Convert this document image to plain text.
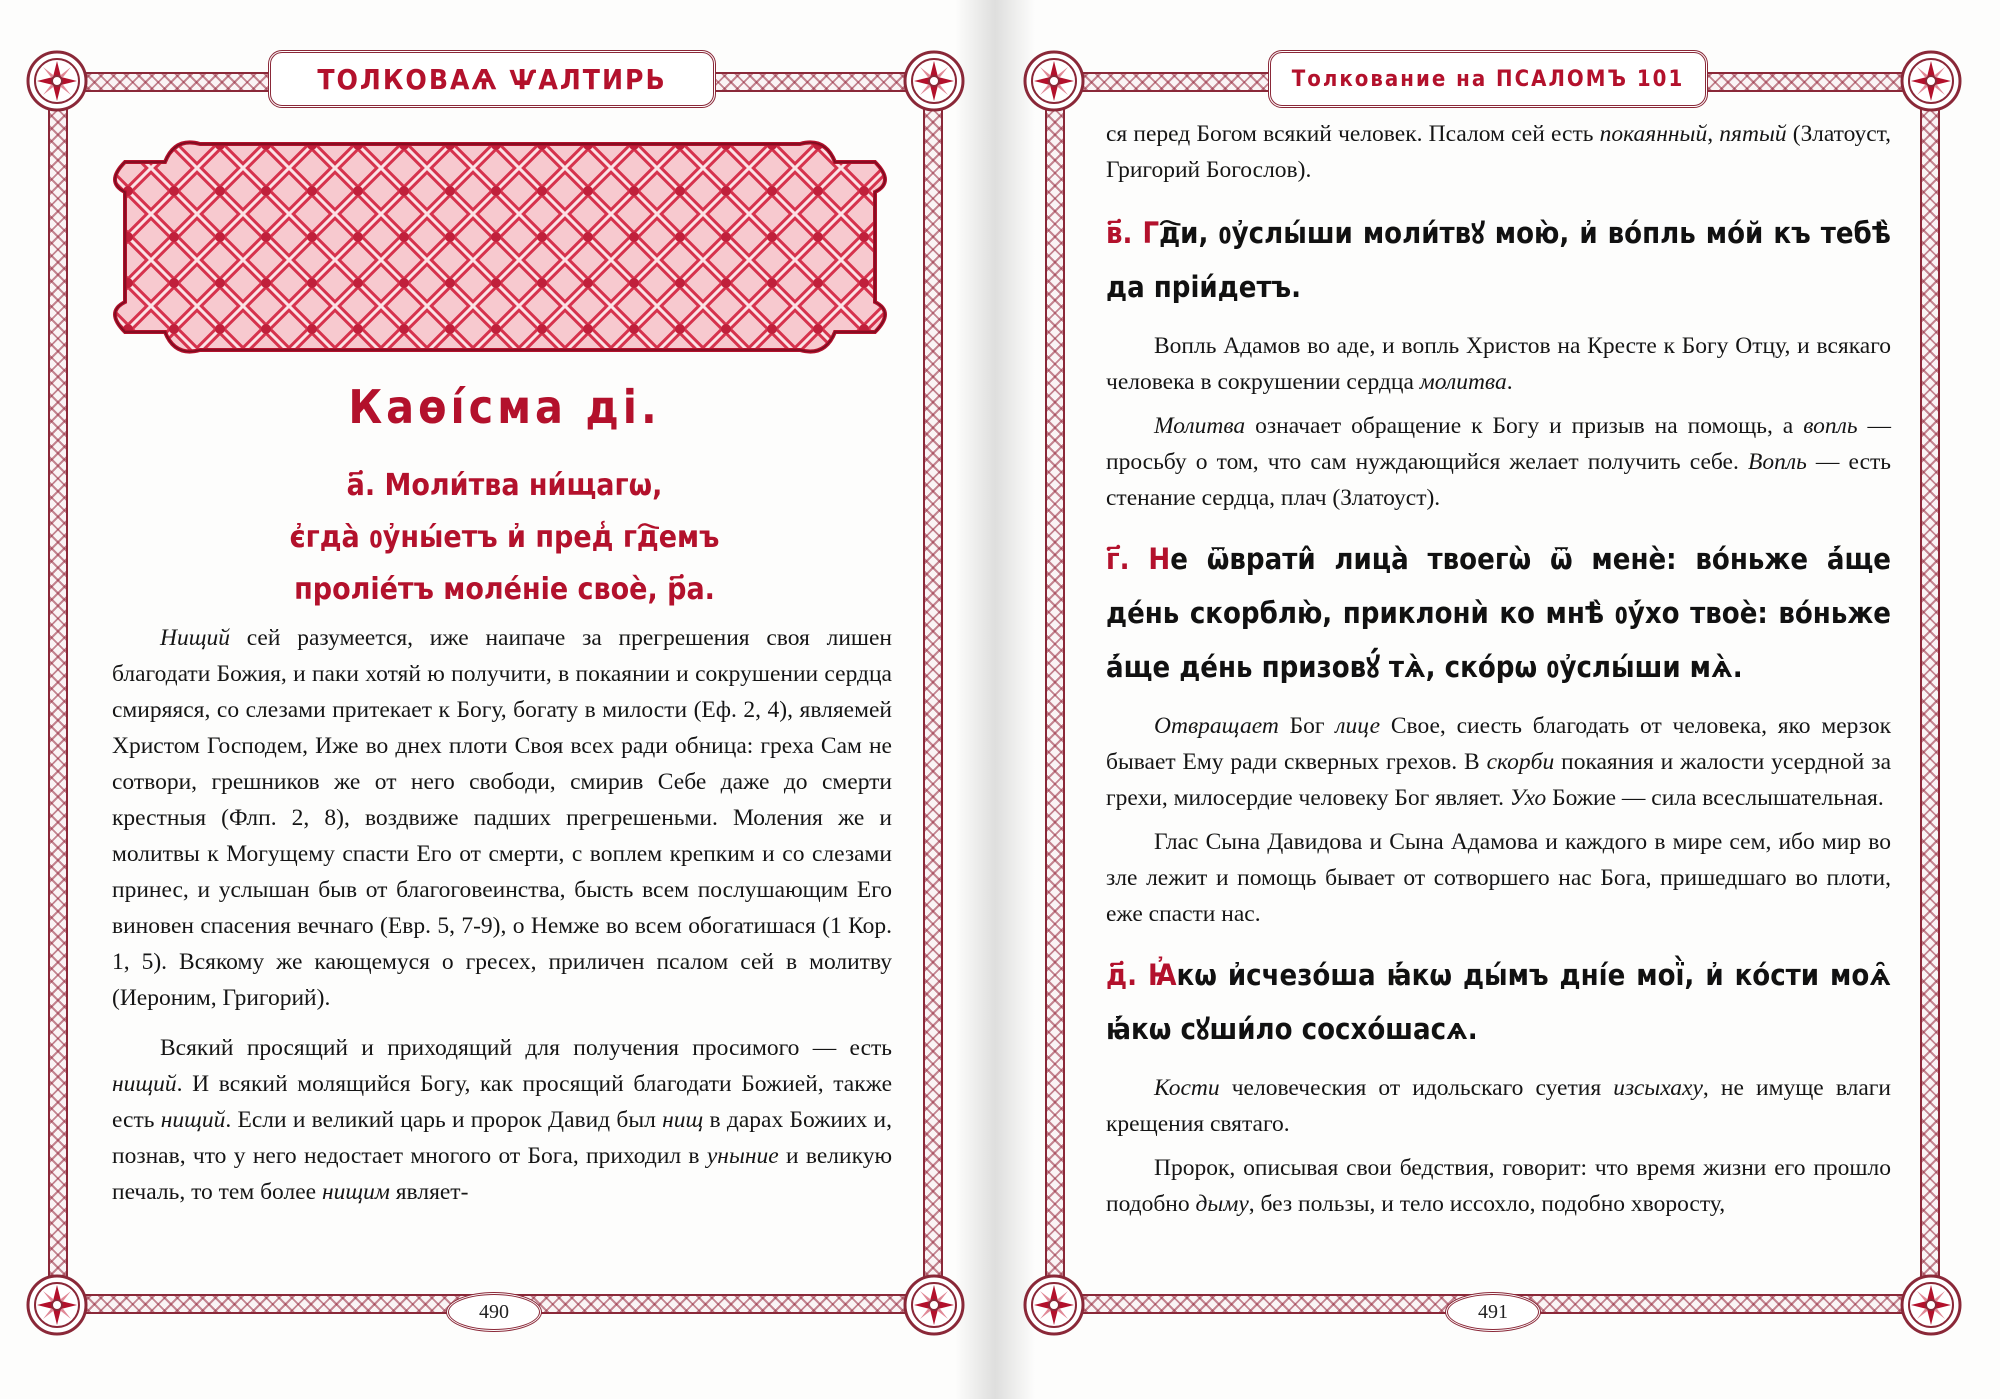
ТОЛКОВАѦ ѰАЛТИРЬ
490
Каѳі́сма ді.
а҃. Моли́тва ни́щагѡ,
є҆гда̀ ᲂу҆ны́етъ и҆ пред̾ гд҇емъ
проліе́тъ моле́ніе своѐ, р҃а.

Нищий сей разумеется, иже наипаче за прегрешения своя лишен благодати Божия, и паки хотяй ю получити, в покаянии и сокрушении сердца смиряяся, со слезами притекает к Богу, богату в милости (Еф. 2, 4), являемей Христом Господем, Иже во днех плоти Своя всех ради обница: греха Сам не сотвори, грешников же от него свободи, смирив Себе даже до смерти крестныя (Флп. 2, 8), воздвиже падших прегрешеньми. Моления же и молитвы к Могущему спасти Его от смерти, с воплем крепким и со слезами принес, и услышан быв от благоговеинства, бысть всем послушающим Его виновен спасения вечнаго (Евр. 5, 7-9), о Немже во всем обогатишася (1 Кор. 1, 5). Всякому же кающемуся о гресех, приличен псалом сей в молитву (Иероним, Григорий).

Всякий просящий и приходящий для получения просимого — есть нищий. И всякий молящийся Богу, как просящий благодати Божией, также есть нищий. Если и великий царь и пророк Давид был нищ в дарах Божиих и, познав, что у него недостает многого от Бога, приходил в уныние и великую печаль, то тем более нищим являет-

Толкование на ПСАЛОМЪ 101
491

ся перед Богом всякий человек. Псалом сей есть покаянный, пятый (Златоуст, Григорий Богослов).

в҃. Гд҇и, ᲂу҆слы́ши моли́твꙋ мою̀, и҆ во́пль мо́й къ тебѣ̀ да пріи́детъ.

Вопль Адамов во аде, и вопль Христов на Кресте к Богу Отцу, и всякаго человека в сокрушении сердца молитва.

Молитва означает обращение к Богу и призыв на помощь, а вопль — просьбу о том, что сам нуждающийся желает получить себе. Вопль — есть стенание сердца, плач (Златоуст).

г҃. Не ѿврати̂ лица̀ твоегѡ̀ ѿ менѐ: во́ньже а҆́ще де́нь скорблю̀, приклонѝ ко мнѣ̀ ᲂу҆́хо твоѐ: во́ньже а҆́ще де́нь призовꙋ́ тѧ̀, ско́рѡ ᲂу҆слы́ши мѧ̀.

Отвращает Бог лице Свое, сиесть благодать от человека, яко мерзок бывает Ему ради скверных грехов. В скорби покаяния и жалости усердной за грехи, милосердие человеку Бог являет. Ухо Божие — сила всеслышательная.

Глас Сына Давидова и Сына Адамова и каждого в мире сем, ибо мир во зле лежит и помощь бывает от сотворшего нас Бога, пришедшаго во плоти, еже спасти нас.

д҃. Ꙗ҆кѡ и҆счезо́ша ꙗ҆́кѡ ды́мъ дні́е мої̀, и҆ ко́сти моѧ̑ ꙗ҆́кѡ сꙋши́ло сосхо́шасѧ.

Кости человеческия от идольскаго суетия изсыхаху, не имуще влаги крещения святаго.

Пророк, описывая свои бедствия, говорит: что время жизни его прошло подобно дыму, без пользы, и тело иссохло, подобно хворосту,
